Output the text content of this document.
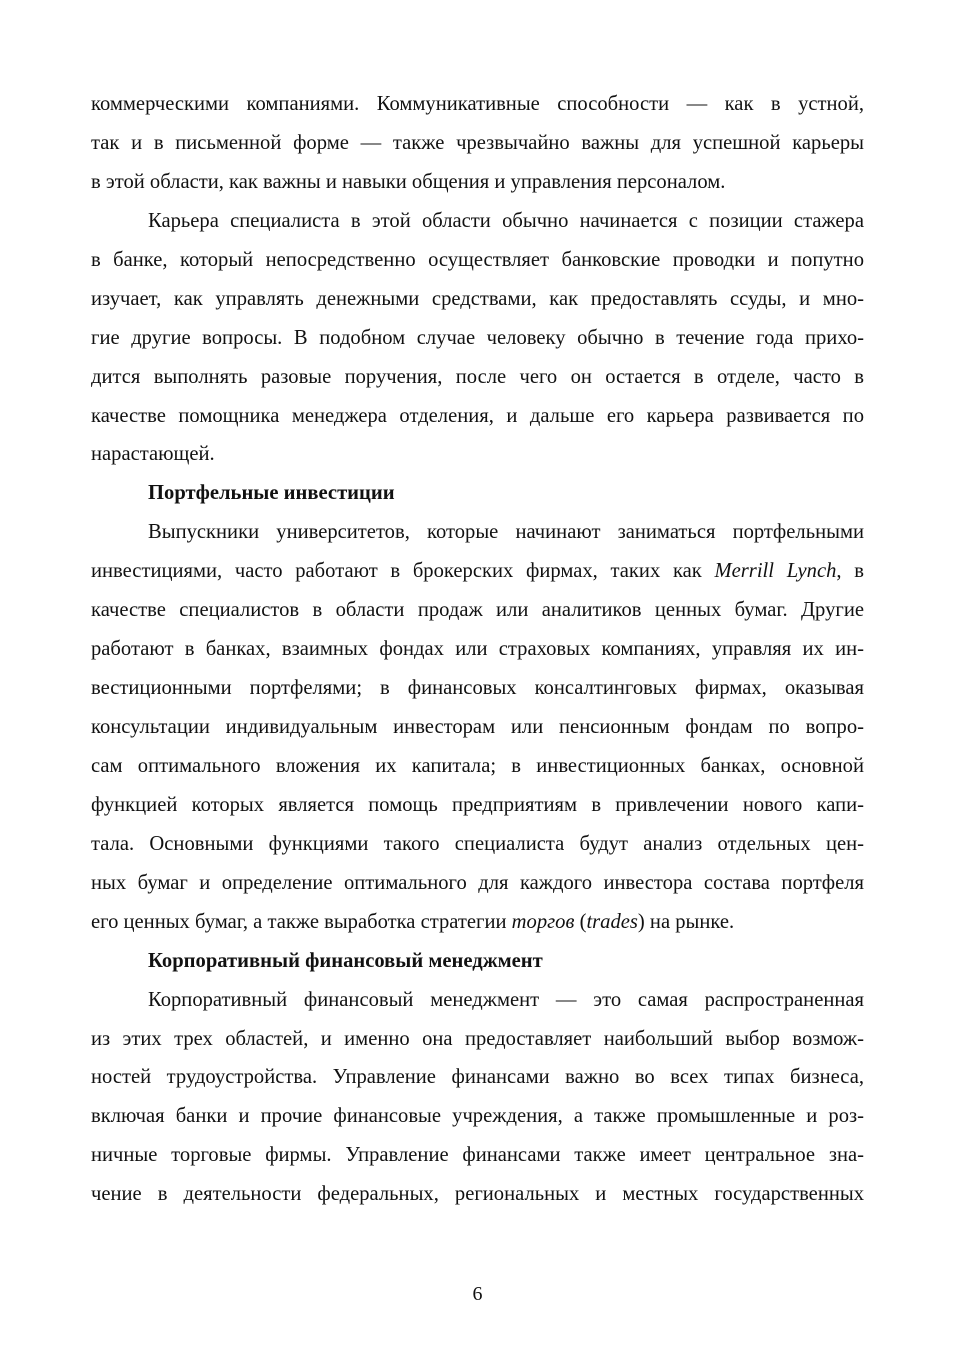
коммерческими компаниями. Коммуникативные способности — как в устной,
так и в письменной форме — также чрезвычайно важны для успешной карьеры
в этой области, как важны и навыки общения и управления персоналом.
Карьера специалиста в этой области обычно начинается с позиции стажера
в банке, который непосредственно осуществляет банковские проводки и попутно
изучает, как управлять денежными средствами, как предоставлять ссуды, и мно-
гие другие вопросы. В подобном случае человеку обычно в течение года прихо-
дится выполнять разовые поручения, после чего он остается в отделе, часто в
качестве помощника менеджера отделения, и дальше его карьера развивается по
нарастающей.
Портфельные инвестиции
Выпускники университетов, которые начинают заниматься портфельными
инвестициями, часто работают в брокерских фирмах, таких как Merrill Lynch, в
качестве специалистов в области продаж или аналитиков ценных бумаг. Другие
работают в банках, взаимных фондах или страховых компаниях, управляя их ин-
вестиционными портфелями; в финансовых консалтинговых фирмах, оказывая
консультации индивидуальным инвесторам или пенсионным фондам по вопро-
сам оптимального вложения их капитала; в инвестиционных банках, основной
функцией которых является помощь предприятиям в привлечении нового капи-
тала. Основными функциями такого специалиста будут анализ отдельных цен-
ных бумаг и определение оптимального для каждого инвестора состава портфеля
его ценных бумаг, а также выработка стратегии торгов (trades) на рынке.
Корпоративный финансовый менеджмент
Корпоративный финансовый менеджмент — это самая распространенная
из этих трех областей, и именно она предоставляет наибольший выбор возмож-
ностей трудоустройства. Управление финансами важно во всех типах бизнеса,
включая банки и прочие финансовые учреждения, а также промышленные и роз-
ничные торговые фирмы. Управление финансами также имеет центральное зна-
чение в деятельности федеральных, региональных и местных государственных
6
